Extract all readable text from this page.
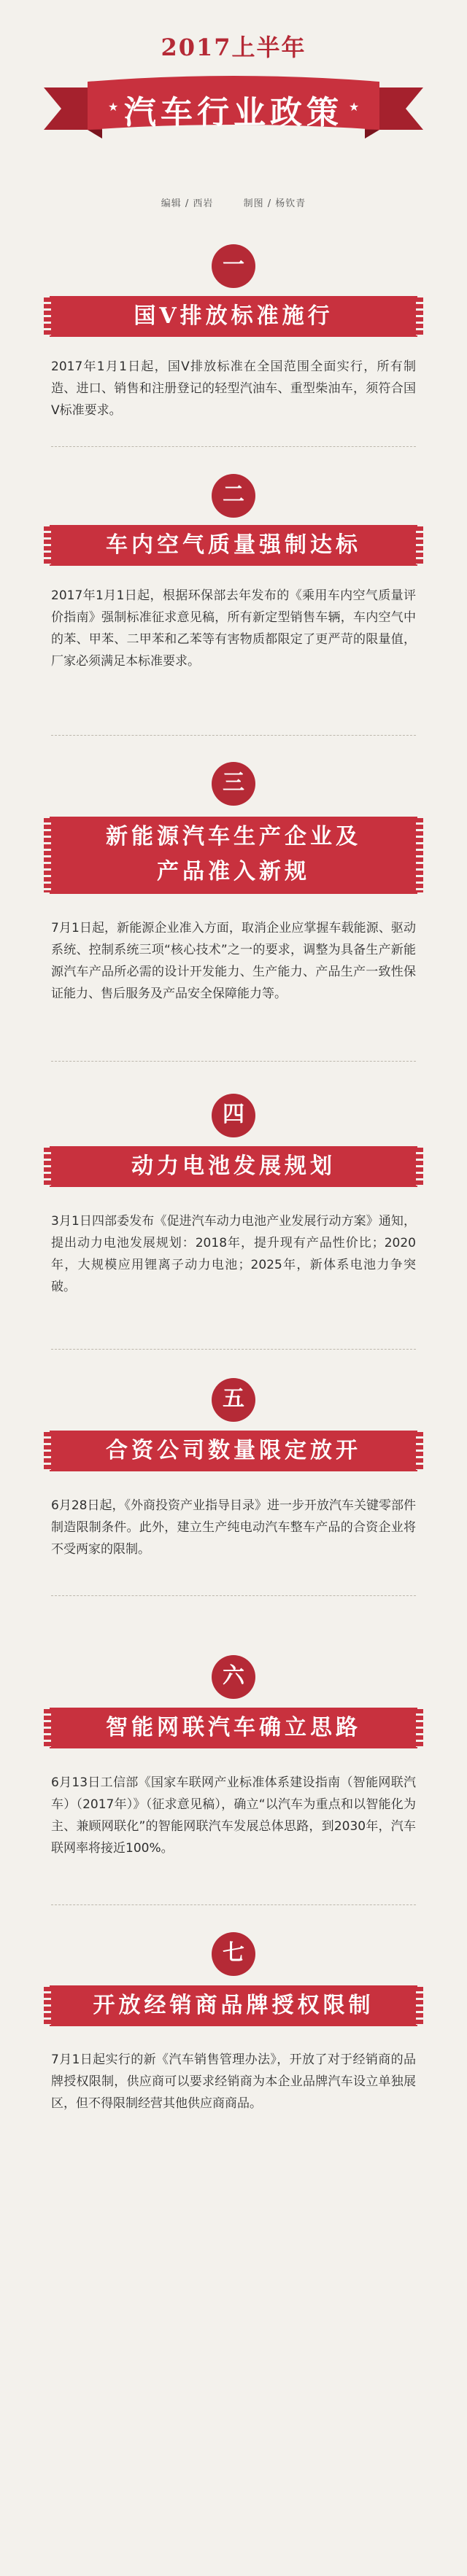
2017上半年
★	★
汽车行业政策
编辑 / 西岩	制图 / 杨钦青
一
国Ⅴ排放标准施行
2017年1月1日起，国Ⅴ排放标准在全国范围全面实行，所有制造、进口、销售和注册登记的轻型汽油车、重型柴油车，须符合国Ⅴ标准要求。
二
车内空气质量强制达标
2017年1月1日起，根据环保部去年发布的《乘用车内空气质量评价指南》强制标准征求意见稿，所有新定型销售车辆，车内空气中的苯、甲苯、二甲苯和乙苯等有害物质都限定了更严苛的限量值，厂家必须满足本标准要求。
三
新能源汽车生产企业及
产品准入新规
7月1日起，新能源企业准入方面，取消企业应掌握车载能源、驱动系统、控制系统三项“核心技术”之一的要求，调整为具备生产新能源汽车产品所必需的设计开发能力、生产能力、产品生产一致性保证能力、售后服务及产品安全保障能力等。
四
动力电池发展规划
3月1日四部委发布《促进汽车动力电池产业发展行动方案》通知，提出动力电池发展规划：2018年，提升现有产品性价比；2020年，大规模应用锂离子动力电池；2025年，新体系电池力争突破。
五
合资公司数量限定放开
6月28日起，《外商投资产业指导目录》进一步开放汽车关键零部件制造限制条件。此外，建立生产纯电动汽车整车产品的合资企业将不受两家的限制。
六
智能网联汽车确立思路
6月13日工信部《国家车联网产业标准体系建设指南（智能网联汽车）（2017年）》（征求意见稿），确立“以汽车为重点和以智能化为主、兼顾网联化”的智能网联汽车发展总体思路，到2030年，汽车联网率将接近100%。
七
开放经销商品牌授权限制
7月1日起实行的新《汽车销售管理办法》，开放了对于经销商的品牌授权限制，供应商可以要求经销商为本企业品牌汽车设立单独展区，但不得限制经营其他供应商商品。
